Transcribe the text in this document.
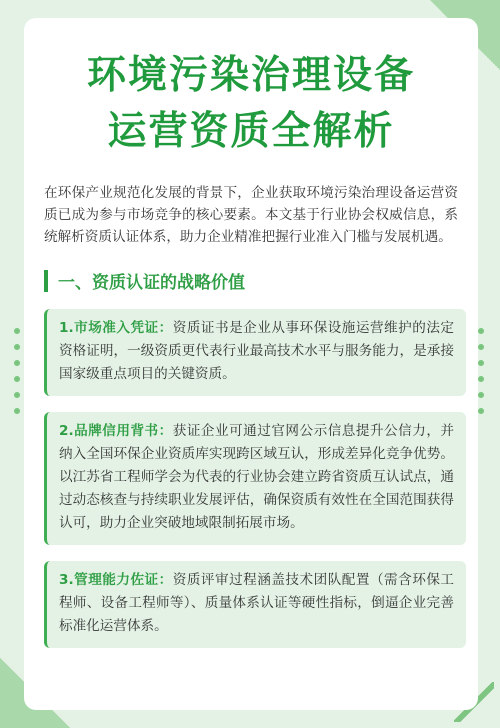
环境污染治理设备
运营资质全解析

在环保产业规范化发展的背景下，企业获取环境污染治理设备运营资质已成为参与市场竞争的核心要素。本文基于行业协会权威信息，系统解析资质认证体系，助力企业精准把握行业准入门槛与发展机遇。

一、资质认证的战略价值
1.市场准入凭证：资质证书是企业从事环保设施运营维护的法定资格证明，一级资质更代表行业最高技术水平与服务能力，是承接国家级重点项目的关键资质。
2.品牌信用背书：获证企业可通过官网公示信息提升公信力，并纳入全国环保企业资质库实现跨区域互认，形成差异化竞争优势。以江苏省工程师学会为代表的行业协会建立跨省资质互认试点，通过动态核查与持续职业发展评估，确保资质有效性在全国范围获得认可，助力企业突破地域限制拓展市场。
3.管理能力佐证：资质评审过程涵盖技术团队配置（需含环保工程师、设备工程师等）、质量体系认证等硬性指标，倒逼企业完善标准化运营体系。
